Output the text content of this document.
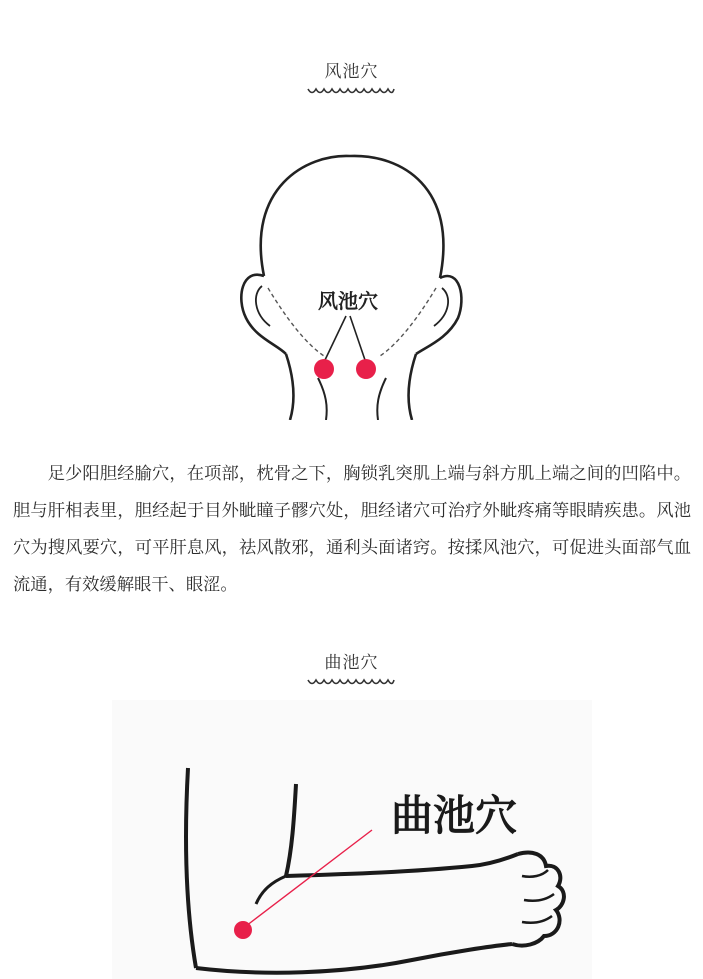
风池穴
风池穴

足少阳胆经腧穴，在项部，枕骨之下，胸锁乳突肌上端与斜方肌上端之间的凹陷中。胆与肝相表里，胆经起于目外眦瞳子髎穴处，胆经诸穴可治疗外眦疼痛等眼睛疾患。风池穴为搜风要穴，可平肝息风，祛风散邪，通利头面诸窍。按揉风池穴，可促进头面部气血流通，有效缓解眼干、眼涩。

曲池穴
曲池穴
